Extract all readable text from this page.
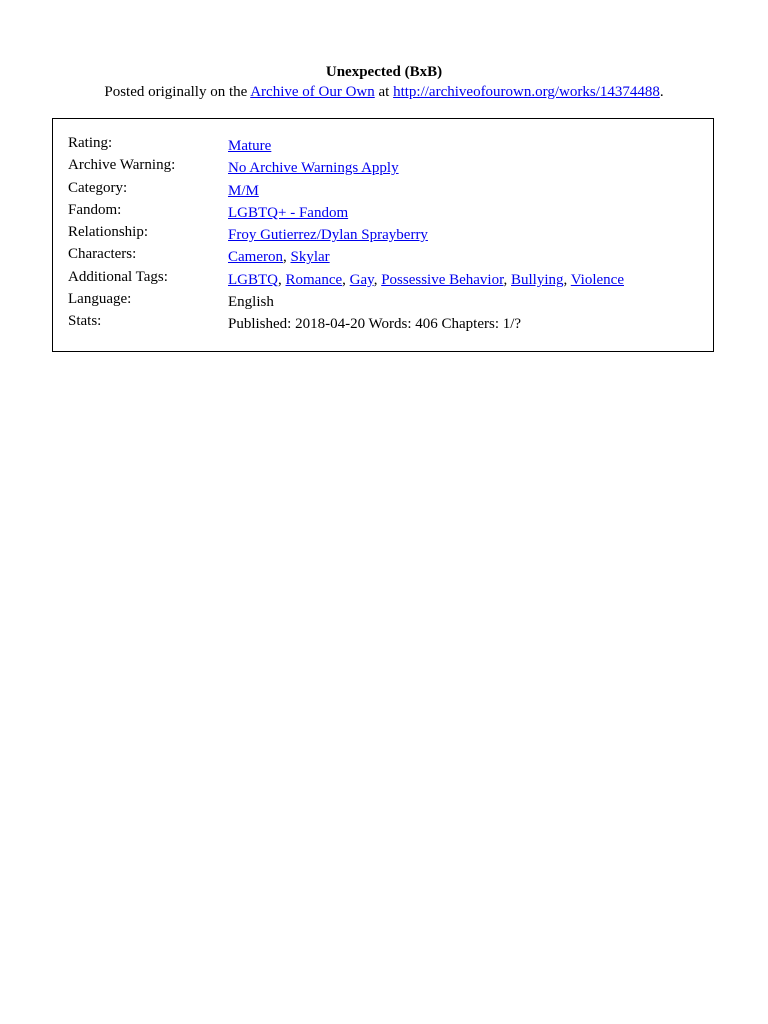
Unexpected (BxB)
Posted originally on the Archive of Our Own at http://archiveofourown.org/works/14374488.
Rating:	Mature
Archive Warning:	No Archive Warnings Apply
Category:	M/M
Fandom:	LGBTQ+ - Fandom
Relationship:	Froy Gutierrez/Dylan Sprayberry
Characters:	Cameron, Skylar
Additional Tags:	LGBTQ, Romance, Gay, Possessive Behavior, Bullying, Violence
Language:	English
Stats:	Published: 2018-04-20 Words: 406 Chapters: 1/?
